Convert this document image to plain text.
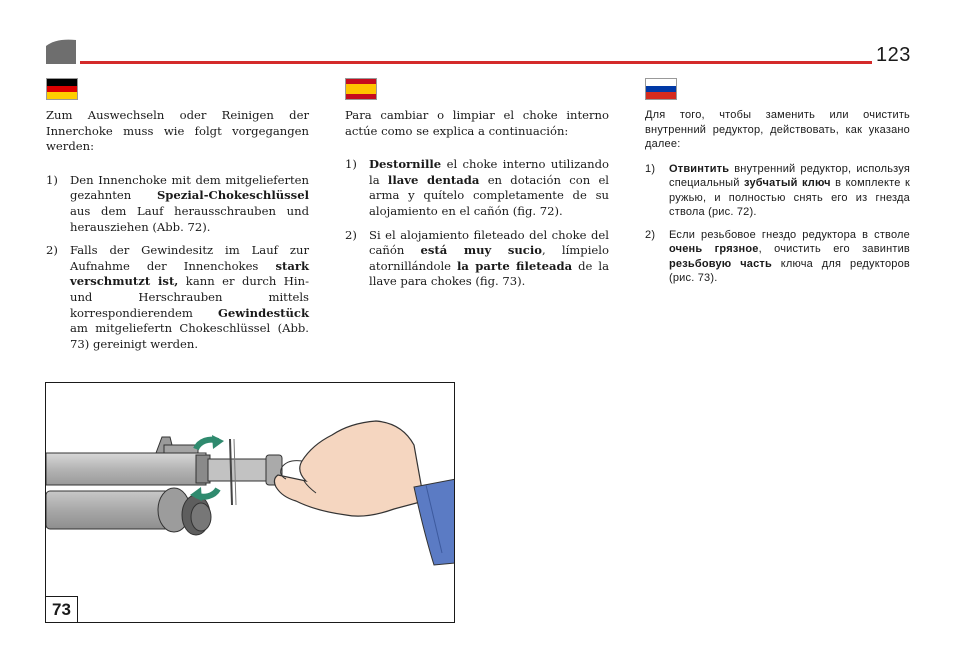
123

Zum Auswechseln oder Reinigen der Innerchoke muss wie folgt vorgegangen werden:

1)	Den Innenchoke mit dem mitgelieferten gezahnten Spezial-Chokeschlüssel aus dem Lauf herausschrauben und herausziehen (Abb. 72).
2)	Falls der Gewindesitz im Lauf zur Aufnahme der Innenchokes stark verschmutzt ist, kann er durch Hin- und Herschrauben mittels korrespondierendem Gewindestück am mitgeliefertn Chokeschlüssel (Abb. 73) gereinigt werden.

Para cambiar o limpiar el choke interno actúe como se explica a continuación:

1)	Destornille el choke interno utilizando la llave dentada en dotación con el arma y quítelo completamente de su alojamiento en el cañón (fig. 72).
2)	Si el alojamiento fileteado del choke del cañón está muy sucio, límpielo atornillándole la parte fileteada de la llave para chokes (fig. 73).

Для того, чтобы заменить или очистить внутренний редуктор, действовать, как указано далее:

1)	Отвинтить внутренний редуктор, используя специальный зубчатый ключ в комплекте к ружью, и полностью снять его из гнезда ствола (рис. 72).
2)	Если резьбовое гнездо редуктора в стволе очень грязное, очистить его завинтив резьбовую часть ключа для редукторов (рис. 73).
73
